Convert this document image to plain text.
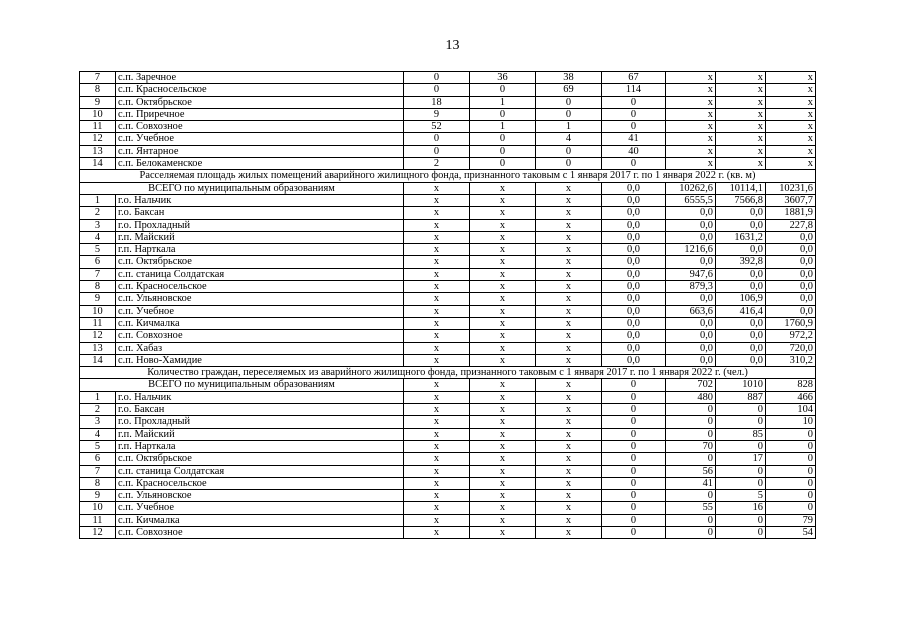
13
7	с.п. Заречное	0	36	38	67	x	x	x
8	с.п. Красносельское	0	0	69	114	x	x	x
9	с.п. Октябрьское	18	1	0	0	x	x	x
10	с.п. Приречное	9	0	0	0	x	x	x
11	с.п. Совхозное	52	1	1	0	x	x	x
12	с.п. Учебное	0	0	4	41	x	x	x
13	с.п. Янтарное	0	0	0	40	x	x	x
14	с.п. Белокаменское	2	0	0	0	x	x	x
Расселяемая площадь жилых помещений аварийного жилищного фонда, признанного таковым с 1 января 2017 г. по 1 января 2022 г. (кв. м)								
ВСЕГО по муниципальным образованиям		x	x	x	0,0	10262,6	10114,1	10231,6
1	г.о. Нальчик	x	x	x	0,0	6555,5	7566,8	3607,7
2	г.о. Баксан	x	x	x	0,0	0,0	0,0	1881,9
3	г.о. Прохладный	x	x	x	0,0	0,0	0,0	227,8
4	г.п. Майский	x	x	x	0,0	0,0	1631,2	0,0
5	г.п. Нарткала	x	x	x	0,0	1216,6	0,0	0,0
6	с.п. Октябрьское	x	x	x	0,0	0,0	392,8	0,0
7	с.п. станица Солдатская	x	x	x	0,0	947,6	0,0	0,0
8	с.п. Красносельское	x	x	x	0,0	879,3	0,0	0,0
9	с.п. Ульяновское	x	x	x	0,0	0,0	106,9	0,0
10	с.п. Учебное	x	x	x	0,0	663,6	416,4	0,0
11	с.п. Кичмалка	x	x	x	0,0	0,0	0,0	1760,9
12	с.п. Совхозное	x	x	x	0,0	0,0	0,0	972,2
13	с.п. Хабаз	x	x	x	0,0	0,0	0,0	720,0
14	с.п. Ново-Хамидие	x	x	x	0,0	0,0	0,0	310,2
Количество граждан, переселяемых из аварийного жилищного фонда, признанного таковым с 1 января 2017 г. по 1 января 2022 г. (чел.)								
ВСЕГО по муниципальным образованиям		x	x	x	0	702	1010	828
1	г.о. Нальчик	x	x	x	0	480	887	466
2	г.о. Баксан	x	x	x	0	0	0	104
3	г.о. Прохладный	x	x	x	0	0	0	10
4	г.п. Майский	x	x	x	0	0	85	0
5	г.п. Нарткала	x	x	x	0	70	0	0
6	с.п. Октябрьское	x	x	x	0	0	17	0
7	с.п. станица Солдатская	x	x	x	0	56	0	0
8	с.п. Красносельское	x	x	x	0	41	0	0
9	с.п. Ульяновское	x	x	x	0	0	5	0
10	с.п. Учебное	x	x	x	0	55	16	0
11	с.п. Кичмалка	x	x	x	0	0	0	79
12	с.п. Совхозное	x	x	x	0	0	0	54
